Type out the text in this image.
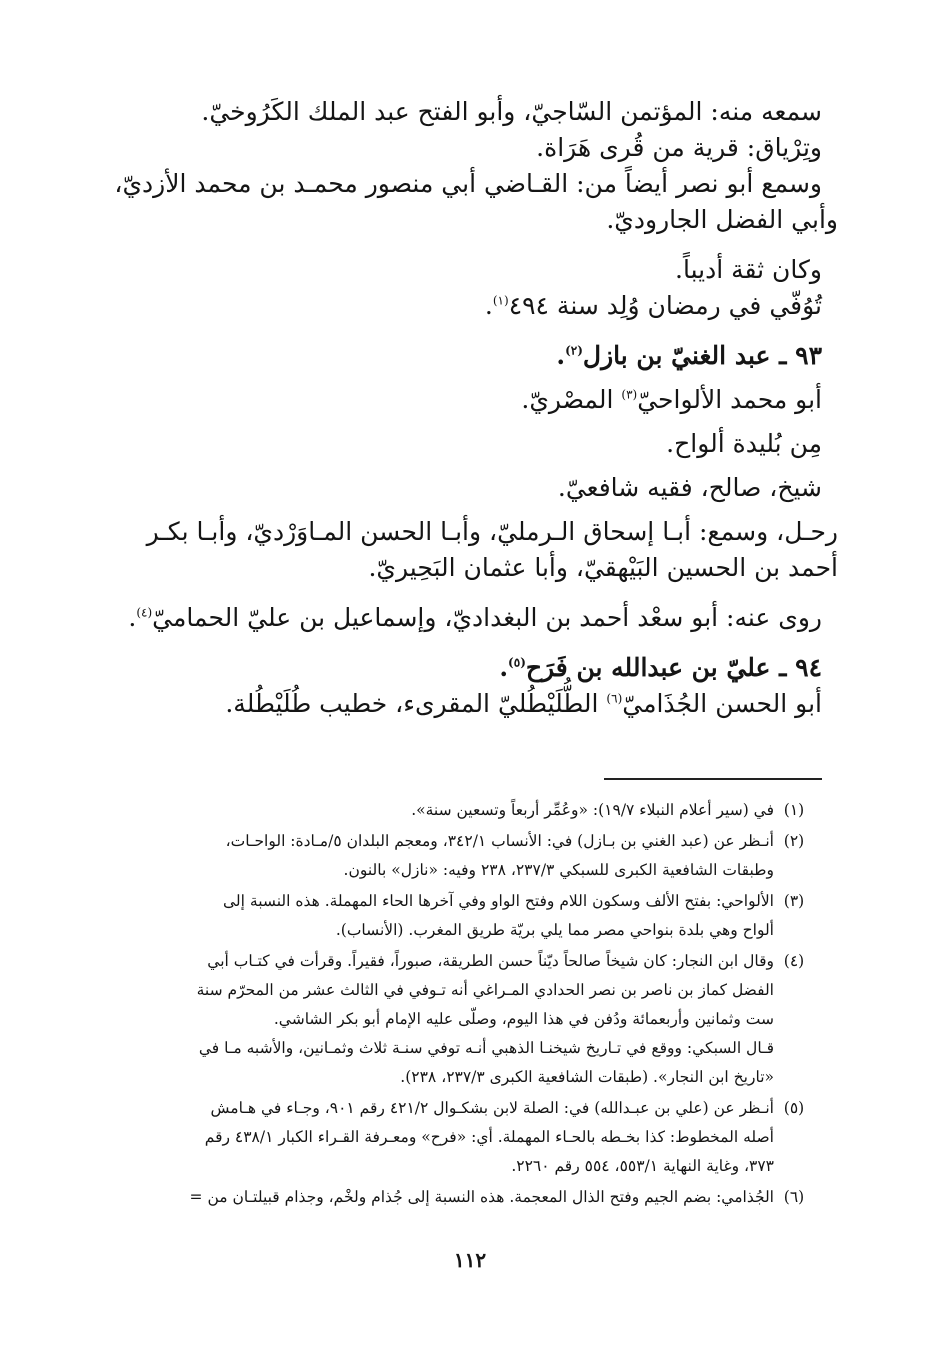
سمعه منه: المؤتمن السّاجيّ، وأبو الفتح عبد الملك الكَرُوخيّ.
وتِرْياق: قرية من قُرى هَرَاة.
وسمع أبو نصر أيضاً من: القـاضي أبي منصور محمـد بن محمد الأزديّ،
وأبي الفضل الجاروديّ.
وكان ثقة أديباً.
تُوُفّي في رمضان وُلِد سنة ٤٩٤$^{(١)}$.
٩٣ ـ عبد الغنيّ بن بازل$^{(٢)}$.
أبو محمد الألواحيّ$^{(٣)}$ المصْريّ.
مِن بُليدة ألواح.
شيخ، صالح، فقيه شافعيّ.
رحـل، وسمع: أبـا إسحاق الـرمليّ، وأبـا الحسن المـاوَرْديّ، وأبـا بكـر
أحمد بن الحسين البَيْهقيّ، وأبا عثمان البَحِيريّ.
روى عنه: أبو سعْد أحمد بن البغداديّ، وإسماعيل بن عليّ الحماميّ$^{(٤)}$.
٩٤ ـ عليّ بن عبدالله بن فَرَح$^{(٥)}$.
أبو الحسن الجُذَاميّ$^{(٦)}$ الطُّلَيْطُليّ المقرىء، خطيب طُلَيْطُلة.
(١)
في (سير أعلام النبلاء ١٩/٧): «وعُمِّر أربعاً وتسعين سنة».
(٢)
أنـظر عن (عبد الغني بن بـازل) في: الأنساب ٣٤٢/١، ومعجم البلدان ٥/مـادة: الواحـات،
وطبقات الشافعية الكبرى للسبكي ٢٣٧/٣، ٢٣٨ وفيه: «نازل» بالنون.
(٣)
الألواحي: بفتح الألف وسكون اللام وفتح الواو وفي آخرها الحاء المهملة. هذه النسبة إلى
ألواح وهي بلدة بنواحي مصر مما يلي بريّة طريق المغرب. (الأنساب).
(٤)
وقال ابن النجار: كان شيخاً صالحاً ديّناً حسن الطريقة، صبوراً، فقيراً. وقرأت في كتـاب أبي
الفضل كماز بن ناصر بن نصر الحدادي المـراغي أنه تـوفي في الثالث عشر من المحرّم سنة
ست وثمانين وأربعمائة ودُفن في هذا اليوم، وصلّى عليه الإمام أبو بكر الشاشي.
قـال السبكي: ووقع في تـاريخ شيخنـا الذهبي أنـه توفي سنـة ثلاث وثمـانين، والأشبه مـا في
«تاريخ ابن النجار». (طبقات الشافعية الكبرى ٢٣٧/٣، ٢٣٨).
(٥)
أنـظر عن (علي بن عبـدالله) في: الصلة لابن بشكـوال ٤٢١/٢ رقم ٩٠١، وجـاء في هـامش
أصله المخطوط: كذا بخـطه بالحـاء المهملة. أي: «فرح» ومعـرفة القـراء الكبار ٤٣٨/١ رقم
٣٧٣، وغاية النهاية ٥٥٣/١، ٥٥٤ رقم ٢٢٦٠.
(٦)
الجُذامي: بضم الجيم وفتح الذال المعجمة. هذه النسبة إلى جُذام ولخْم، وجذام قبيلتـان من =
١١٢
